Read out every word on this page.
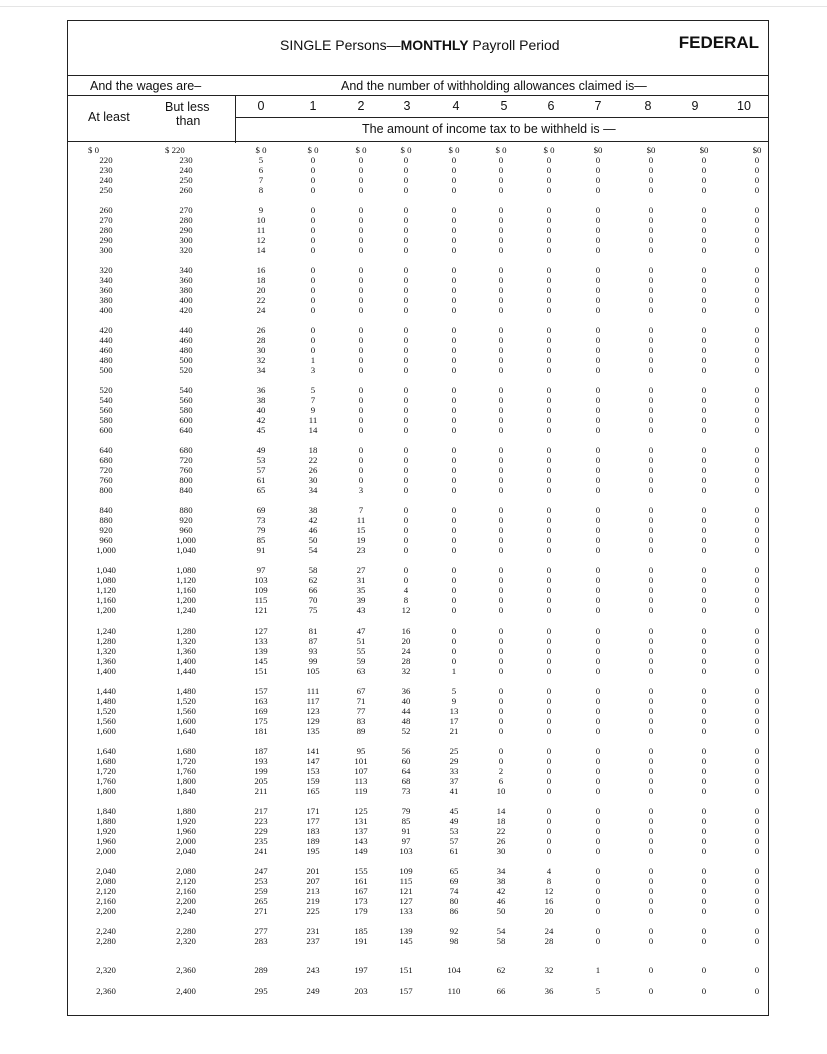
SINGLE Persons—MONTHLY Payroll Period	FEDERAL
And the wages are–	And the number of withholding allowances claimed is—
At least
But less
than
0	1	2	3	4	5	6	7	8	9	10
The amount of income tax to be withheld is —
$ 0	$ 220	$ 0	$ 0	$ 0	$ 0	$ 0	$ 0	$ 0	$0	$0	$0	$0
220	230	5	0	0	0	0	0	0	0	0	0	0
230	240	6	0	0	0	0	0	0	0	0	0	0
240	250	7	0	0	0	0	0	0	0	0	0	0
250	260	8	0	0	0	0	0	0	0	0	0	0
260	270	9	0	0	0	0	0	0	0	0	0	0
270	280	10	0	0	0	0	0	0	0	0	0	0
280	290	11	0	0	0	0	0	0	0	0	0	0
290	300	12	0	0	0	0	0	0	0	0	0	0
300	320	14	0	0	0	0	0	0	0	0	0	0
320	340	16	0	0	0	0	0	0	0	0	0	0
340	360	18	0	0	0	0	0	0	0	0	0	0
360	380	20	0	0	0	0	0	0	0	0	0	0
380	400	22	0	0	0	0	0	0	0	0	0	0
400	420	24	0	0	0	0	0	0	0	0	0	0
420	440	26	0	0	0	0	0	0	0	0	0	0
440	460	28	0	0	0	0	0	0	0	0	0	0
460	480	30	0	0	0	0	0	0	0	0	0	0
480	500	32	1	0	0	0	0	0	0	0	0	0
500	520	34	3	0	0	0	0	0	0	0	0	0
520	540	36	5	0	0	0	0	0	0	0	0	0
540	560	38	7	0	0	0	0	0	0	0	0	0
560	580	40	9	0	0	0	0	0	0	0	0	0
580	600	42	11	0	0	0	0	0	0	0	0	0
600	640	45	14	0	0	0	0	0	0	0	0	0
640	680	49	18	0	0	0	0	0	0	0	0	0
680	720	53	22	0	0	0	0	0	0	0	0	0
720	760	57	26	0	0	0	0	0	0	0	0	0
760	800	61	30	0	0	0	0	0	0	0	0	0
800	840	65	34	3	0	0	0	0	0	0	0	0
840	880	69	38	7	0	0	0	0	0	0	0	0
880	920	73	42	11	0	0	0	0	0	0	0	0
920	960	79	46	15	0	0	0	0	0	0	0	0
960	1,000	85	50	19	0	0	0	0	0	0	0	0
1,000	1,040	91	54	23	0	0	0	0	0	0	0	0
1,040	1,080	97	58	27	0	0	0	0	0	0	0	0
1,080	1,120	103	62	31	0	0	0	0	0	0	0	0
1,120	1,160	109	66	35	4	0	0	0	0	0	0	0
1,160	1,200	115	70	39	8	0	0	0	0	0	0	0
1,200	1,240	121	75	43	12	0	0	0	0	0	0	0
1,240	1,280	127	81	47	16	0	0	0	0	0	0	0
1,280	1,320	133	87	51	20	0	0	0	0	0	0	0
1,320	1,360	139	93	55	24	0	0	0	0	0	0	0
1,360	1,400	145	99	59	28	0	0	0	0	0	0	0
1,400	1,440	151	105	63	32	1	0	0	0	0	0	0
1,440	1,480	157	111	67	36	5	0	0	0	0	0	0
1,480	1,520	163	117	71	40	9	0	0	0	0	0	0
1,520	1,560	169	123	77	44	13	0	0	0	0	0	0
1,560	1,600	175	129	83	48	17	0	0	0	0	0	0
1,600	1,640	181	135	89	52	21	0	0	0	0	0	0
1,640	1,680	187	141	95	56	25	0	0	0	0	0	0
1,680	1,720	193	147	101	60	29	0	0	0	0	0	0
1,720	1,760	199	153	107	64	33	2	0	0	0	0	0
1,760	1,800	205	159	113	68	37	6	0	0	0	0	0
1,800	1,840	211	165	119	73	41	10	0	0	0	0	0
1,840	1,880	217	171	125	79	45	14	0	0	0	0	0
1,880	1,920	223	177	131	85	49	18	0	0	0	0	0
1,920	1,960	229	183	137	91	53	22	0	0	0	0	0
1,960	2,000	235	189	143	97	57	26	0	0	0	0	0
2,000	2,040	241	195	149	103	61	30	0	0	0	0	0
2,040	2,080	247	201	155	109	65	34	4	0	0	0	0
2,080	2,120	253	207	161	115	69	38	8	0	0	0	0
2,120	2,160	259	213	167	121	74	42	12	0	0	0	0
2,160	2,200	265	219	173	127	80	46	16	0	0	0	0
2,200	2,240	271	225	179	133	86	50	20	0	0	0	0
2,240	2,280	277	231	185	139	92	54	24	0	0	0	0
2,280	2,320	283	237	191	145	98	58	28	0	0	0	0
2,320	2,360	289	243	197	151	104	62	32	1	0	0	0
2,360	2,400	295	249	203	157	110	66	36	5	0	0	0
